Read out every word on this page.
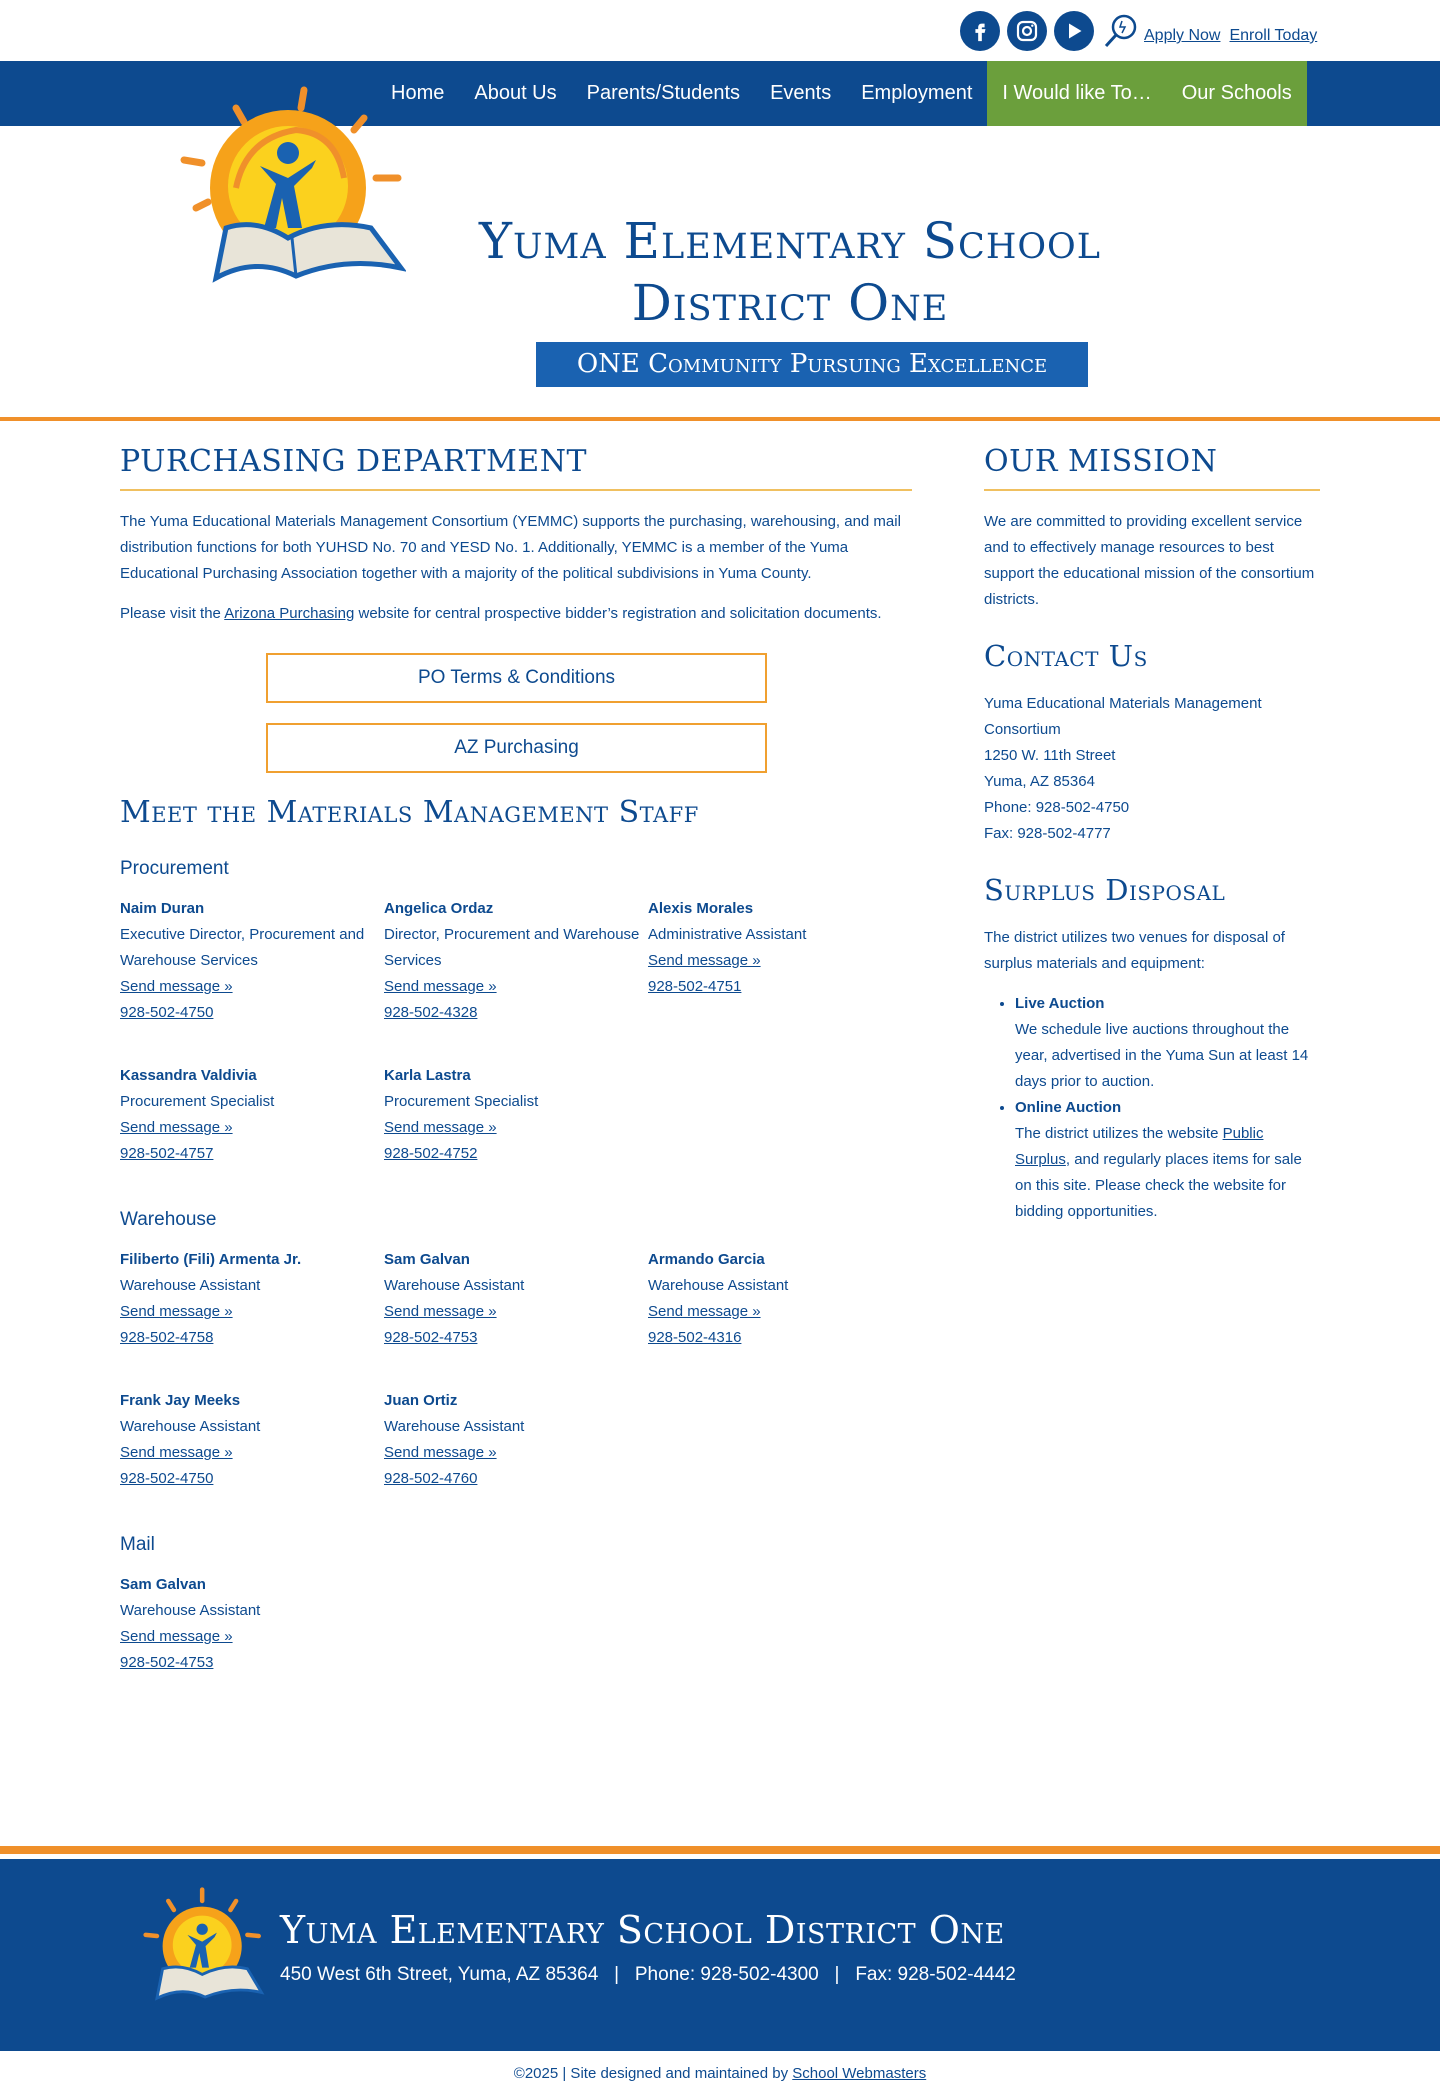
Apply Now Enroll Today
Home	About Us	Parents/Students	Events	Employment	I Would like To…	Our Schools
Yuma Elementary School District One
ONE Community Pursuing Excellence
PURCHASING DEPARTMENT

The Yuma Educational Materials Management Consortium (YEMMC) supports the purchasing, warehousing, and mail distribution functions for both YUHSD No. 70 and YESD No. 1. Additionally, YEMMC is a member of the Yuma Educational Purchasing Association together with a majority of the political subdivisions in Yuma County.

Please visit the Arizona Purchasing website for central prospective bidder’s registration and solicitation documents.

PO Terms & Conditions
AZ Purchasing
Meet the Materials Management Staff
Procurement
Naim Duran
Executive Director, Procurement and Warehouse Services
Send message »
928-502-4750
Angelica Ordaz
Director, Procurement and Warehouse Services
Send message »
928-502-4328
Alexis Morales
Administrative Assistant
Send message »
928-502-4751
Kassandra Valdivia
Procurement Specialist
Send message »
928-502-4757
Karla Lastra
Procurement Specialist
Send message »
928-502-4752
Warehouse
Filiberto (Fili) Armenta Jr.
Warehouse Assistant
Send message »
928-502-4758
Sam Galvan
Warehouse Assistant
Send message »
928-502-4753
Armando Garcia
Warehouse Assistant
Send message »
928-502-4316
Frank Jay Meeks
Warehouse Assistant
Send message »
928-502-4750
Juan Ortiz
Warehouse Assistant
Send message »
928-502-4760
Mail
Sam Galvan
Warehouse Assistant
Send message »
928-502-4753
OUR MISSION

We are committed to providing excellent service and to effectively manage resources to best support the educational mission of the consortium districts.

Contact Us
Yuma Educational Materials Management Consortium
1250 W. 11th Street
Yuma, AZ 85364
Phone: 928-502-4750
Fax: 928-502-4777
Surplus Disposal

The district utilizes two venues for disposal of surplus materials and equipment:

• Live Auction
We schedule live auctions throughout the year, advertised in the Yuma Sun at least 14 days prior to auction.
• Online Auction
The district utilizes the website Public Surplus, and regularly places items for sale on this site. Please check the website for bidding opportunities.
Yuma Elementary School District One
450 West 6th Street, Yuma, AZ 85364   |   Phone: 928-502-4300   |   Fax: 928-502-4442
©2025 | Site designed and maintained by School Webmasters
